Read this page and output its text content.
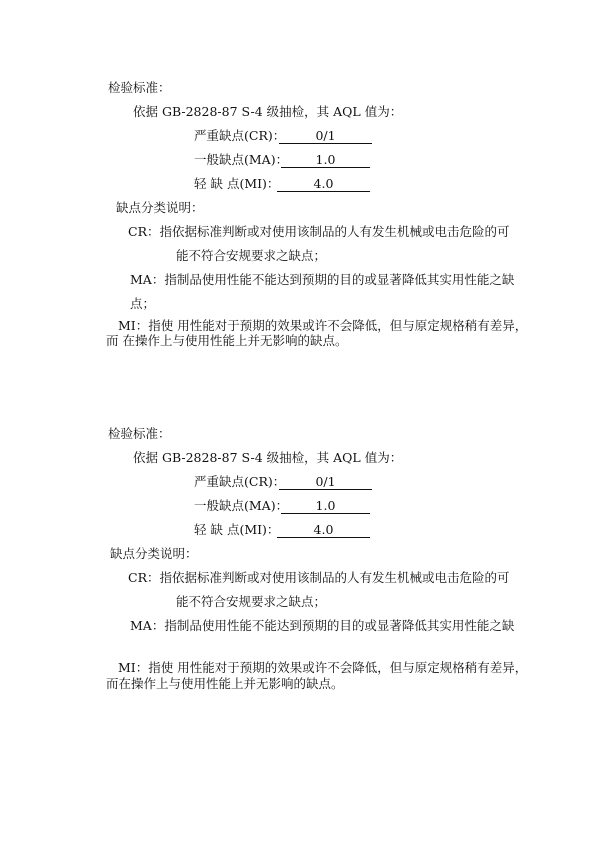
检验标准：
依据 GB-2828-87 S-4 级抽检，其 AQL 值为：
严重缺点(CR)：	0/1
一般缺点(MA)：	1.0
轻 缺 点(MI)：	4.0
缺点分类说明：
CR：指依据标准判断或对使用该制品的人有发生机械或电击危险的可
能不符合安规要求之缺点；
MA：指制品使用性能不能达到预期的目的或显著降低其实用性能之缺
点；
MI：指使 用性能对于预期的效果或许不会降低，但与原定规格稍有差异，
而 在操作上与使用性能上并无影响的缺点。
检验标准：
依据 GB-2828-87 S-4 级抽检，其 AQL 值为：
严重缺点(CR)：	0/1
一般缺点(MA)：	1.0
轻 缺 点(MI)：	4.0
缺点分类说明：
CR：指依据标准判断或对使用该制品的人有发生机械或电击危险的可
能不符合安规要求之缺点；
MA：指制品使用性能不能达到预期的目的或显著降低其实用性能之缺
MI：指使 用性能对于预期的效果或许不会降低，但与原定规格稍有差异，
而在操作上与使用性能上并无影响的缺点。
